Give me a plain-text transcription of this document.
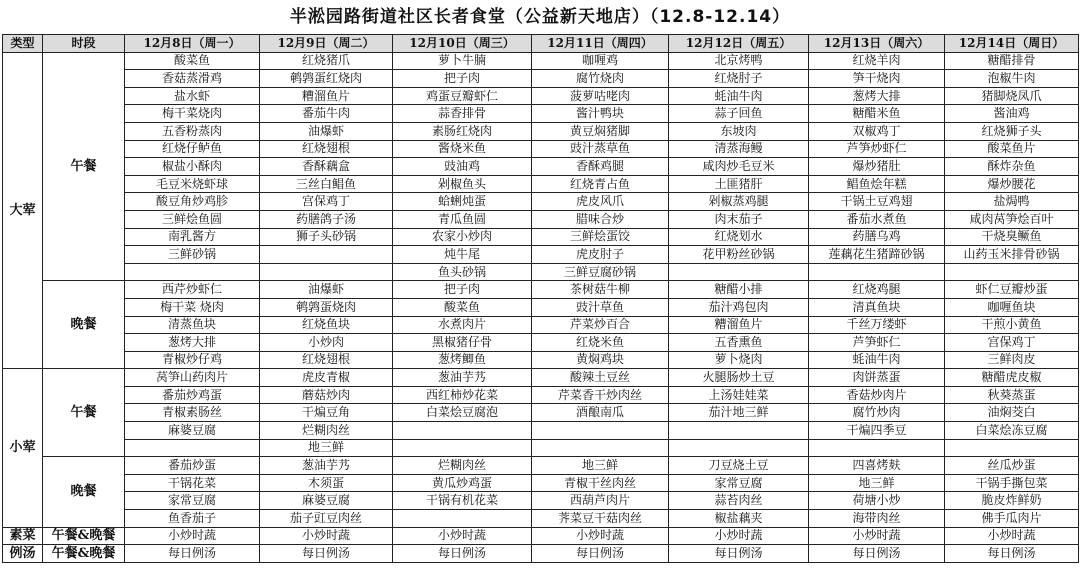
半淞园路街道社区长者食堂（公益新天地店）（12.8-12.14）
类型	时段	12月8日（周一）	12月9日（周二）	12月10日（周三）	12月11日（周四）	12月12日（周五）	12月13日（周六）	12月14日（周日）
大荤	午餐	酸菜鱼	红烧猪爪	萝卜牛腩	咖喱鸡	北京烤鸭	红烧羊肉	糖醋排骨
		香菇蒸滑鸡	鹌鹑蛋红烧肉	把子肉	腐竹烧肉	红烧肘子	笋干烧肉	泡椒牛肉
		盐水虾	糟溜鱼片	鸡蛋豆瓣虾仁	菠萝咕咾肉	蚝油牛肉	葱烤大排	猪脚烧凤爪
		梅干菜烧肉	番茄牛肉	蒜香排骨	酱汁鸭块	蒜子回鱼	糖醋米鱼	酱油鸡
		五香粉蒸肉	油爆虾	素肠红烧肉	黄豆焖猪脚	东坡肉	双椒鸡丁	红烧狮子头
		红烧仔鲈鱼	红烧翅根	酱烧米鱼	豉汁蒸草鱼	清蒸海鳗	芦笋炒虾仁	酸菜鱼片
		椒盐小酥肉	香酥藕盒	豉油鸡	香酥鸡腿	咸肉炒毛豆米	爆炒猪肚	酥炸杂鱼
		毛豆米烧虾球	三丝白鲳鱼	剁椒鱼头	红烧青占鱼	土匪猪肝	鲳鱼烩年糕	爆炒腰花
		酸豆角炒鸡胗	宫保鸡丁	蛤蜊炖蛋	虎皮风爪	剁椒蒸鸡腿	干锅土豆鸡翅	盐焗鸭
		三鲜烩鱼圆	药膳鸽子汤	青瓜鱼圆	腊味合炒	肉末茄子	番茄水煮鱼	咸肉莴笋烩百叶
		南乳酱方	狮子头砂锅	农家小炒肉	三鲜烩蛋饺	红烧划水	药膳乌鸡	干烧臭鳜鱼
		三鲜砂锅		炖牛尾	虎皮肘子	花甲粉丝砂锅	莲藕花生猪蹄砂锅	山药玉米排骨砂锅
				鱼头砂锅	三鲜豆腐砂锅			
	晚餐	西芹炒虾仁	油爆虾	把子肉	茶树菇牛柳	糖醋小排	红烧鸡腿	虾仁豆瓣炒蛋
		梅干菜 烧肉	鹌鹑蛋烧肉	酸菜鱼	豉汁草鱼	茄汁鸡包肉	清真鱼块	咖喱鱼块
		清蒸鱼块	红烧鱼块	水煮肉片	芹菜炒百合	糟溜鱼片	千丝万缕虾	干煎小黄鱼
		葱烤大排	小炒肉	黑椒猪仔骨	红烧米鱼	五香熏鱼	芦笋虾仁	宫保鸡丁
		青椒炒仔鸡	红烧翅根	葱烤鲫鱼	黄焖鸡块	萝卜烧肉	蚝油牛肉	三鲜肉皮
小荤	午餐	莴笋山药肉片	虎皮青椒	葱油芋艿	酸辣土豆丝	火腿肠炒土豆	肉饼蒸蛋	糖醋虎皮椒
		番茄炒鸡蛋	蘑菇炒肉	西红柿炒花菜	芹菜香干炒肉丝	上汤娃娃菜	香菇炒肉片	秋葵蒸蛋
		青椒素肠丝	干煸豆角	白菜烩豆腐泡	酒酿南瓜	茄汁地三鲜	腐竹炒肉	油焖茭白
		麻婆豆腐	烂糊肉丝				干煸四季豆	白菜烩冻豆腐
			地三鲜					
	晚餐	番茄炒蛋	葱油芋艿	烂糊肉丝	地三鲜	刀豆烧土豆	四喜烤麸	丝瓜炒蛋
		干锅花菜	木须蛋	黄瓜炒鸡蛋	青椒干丝肉丝	家常豆腐	地三鲜	干锅手撕包菜
		家常豆腐	麻婆豆腐	干锅有机花菜	西葫芦肉片	蒜苔肉丝	荷塘小炒	脆皮炸鲜奶
		鱼香茄子	茄子豇豆肉丝		荠菜豆干菇肉丝	椒盐藕夹	海带肉丝	佛手瓜肉片
素菜	午餐&晚餐	小炒时蔬	小炒时蔬	小炒时蔬	小炒时蔬	小炒时蔬	小炒时蔬	小炒时蔬
例汤	午餐&晚餐	每日例汤	每日例汤	每日例汤	每日例汤	每日例汤	每日例汤	每日例汤
